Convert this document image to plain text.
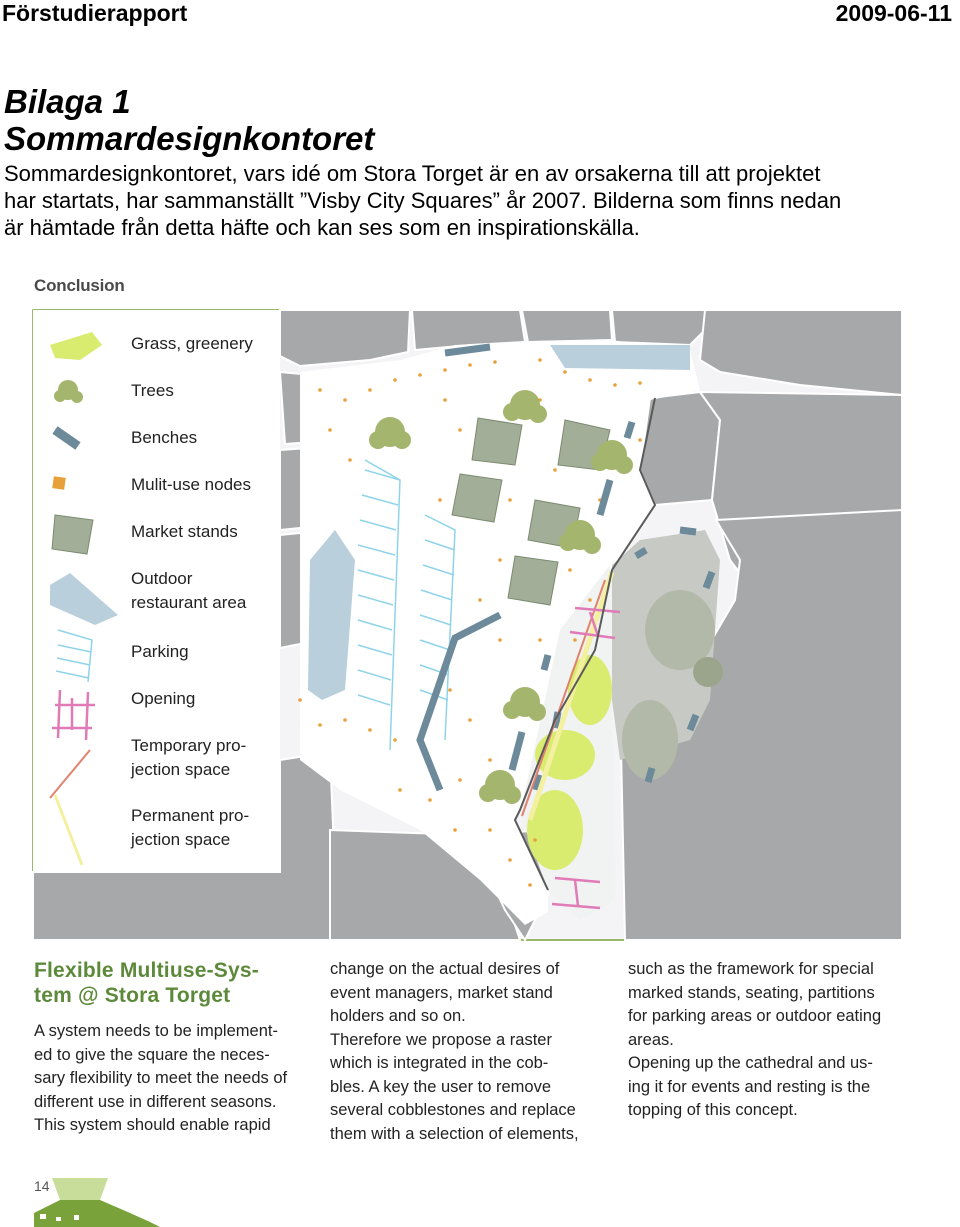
Förstudierapport	2009-06-11
Bilaga 1
Sommardesignkontoret
Sommardesignkontoret, vars idé om Stora Torget är en av orsakerna till att projektet
har startats, har sammanställt ”Visby City Squares” år 2007. Bilderna som finns nedan
är hämtade från detta häfte och kan ses som en inspirationskälla.
Conclusion
Grass, greenery
Trees
Benches
Mulit-use nodes
Market stands
Outdoor
restaurant area
Parking
Opening
Temporary pro-
jection space
Permanent pro-
jection space
Flexible Multiuse-Sys-
tem @ Stora Torget

A system needs to be implement-

ed to give the square the neces-

sary flexibility to meet the needs of

different use in different seasons.

This system should enable rapid

change on the actual desires of

event managers, market stand

holders and so on.

Therefore we propose a raster

which is integrated in the cob-

bles. A key the user to remove

several cobblestones and replace

them with a selection of elements,

such as the framework for special

marked stands, seating, partitions

for parking areas or outdoor eating

areas.

Opening up the cathedral and us-

ing it for events and resting is the

topping of this concept.

14
